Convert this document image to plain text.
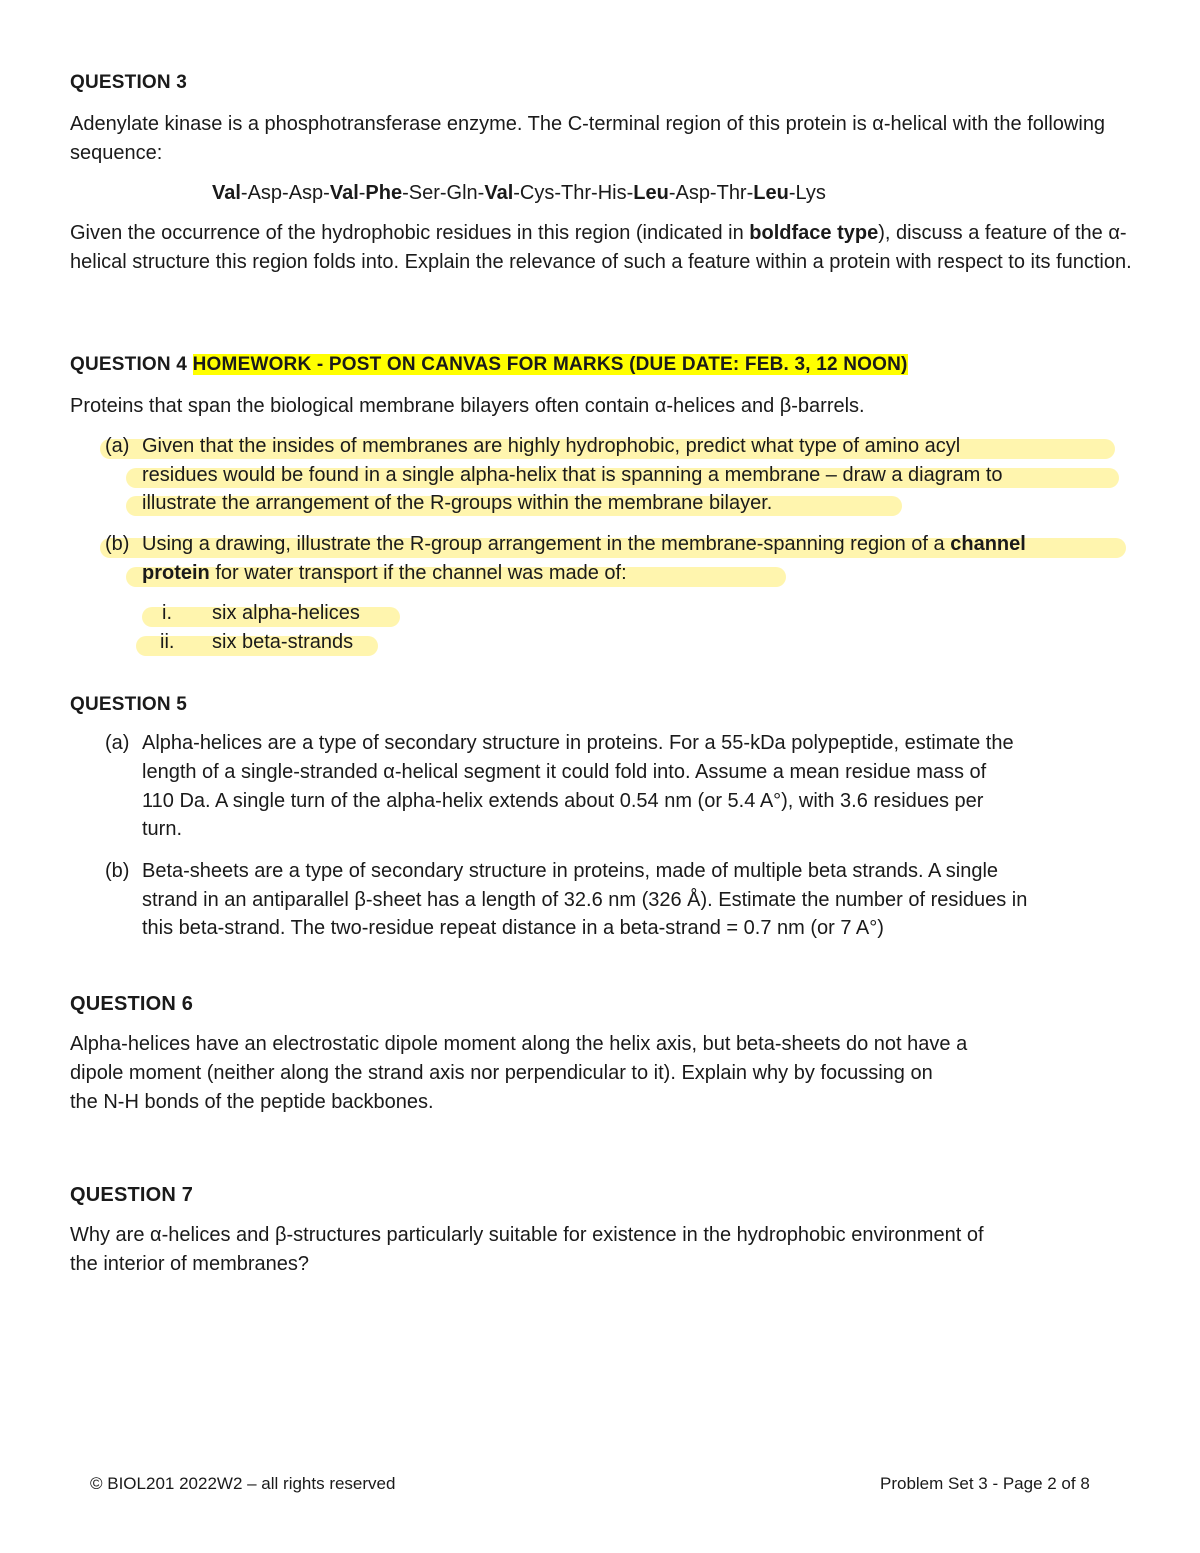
QUESTION 3
Adenylate kinase is a phosphotransferase enzyme. The C-terminal region of this protein is α-helical with the following sequence:
Val-Asp-Asp-Val-Phe-Ser-Gln-Val-Cys-Thr-His-Leu-Asp-Thr-Leu-Lys
Given the occurrence of the hydrophobic residues in this region (indicated in boldface type), discuss a feature of the α-helical structure this region folds into. Explain the relevance of such a feature within a protein with respect to its function.
QUESTION 4 HOMEWORK - POST ON CANVAS FOR MARKS (DUE DATE: FEB. 3, 12 NOON)
Proteins that span the biological membrane bilayers often contain α-helices and β-barrels.
(a) Given that the insides of membranes are highly hydrophobic, predict what type of amino acyl
residues would be found in a single alpha-helix that is spanning a membrane – draw a diagram to
illustrate the arrangement of the R-groups within the membrane bilayer.
(b) Using a drawing, illustrate the R-group arrangement in the membrane-spanning region of a channel
protein for water transport if the channel was made of:
i. six alpha-helices
ii. six beta-strands
QUESTION 5
(a) Alpha-helices are a type of secondary structure in proteins. For a 55-kDa polypeptide, estimate the
length of a single-stranded α-helical segment it could fold into. Assume a mean residue mass of
110 Da. A single turn of the alpha-helix extends about 0.54 nm (or 5.4 A°), with 3.6 residues per
turn.
(b) Beta-sheets are a type of secondary structure in proteins, made of multiple beta strands. A single
strand in an antiparallel β-sheet has a length of 32.6 nm (326 Å). Estimate the number of residues in
this beta-strand. The two-residue repeat distance in a beta-strand = 0.7 nm (or 7 A°)
QUESTION 6
Alpha-helices have an electrostatic dipole moment along the helix axis, but beta-sheets do not have a
dipole moment (neither along the strand axis nor perpendicular to it). Explain why by focussing on
the N-H bonds of the peptide backbones.
QUESTION 7
Why are α-helices and β-structures particularly suitable for existence in the hydrophobic environment of
the interior of membranes?
© BIOL201 2022W2 – all rights reserved	Problem Set 3 - Page 2 of 8
